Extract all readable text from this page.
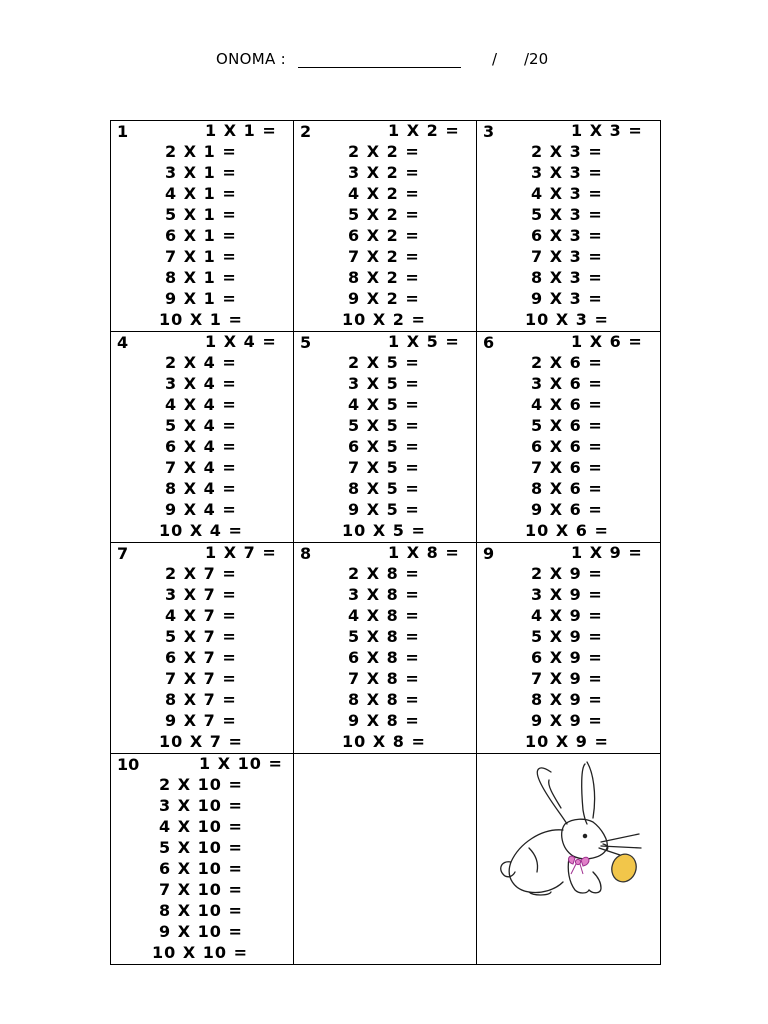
ONOMA :	/ /20
1	1 X 1 =
2 X 1 =
3 X 1 =
4 X 1 =
5 X 1 =
6 X 1 =
7 X 1 =
8 X 1 =
9 X 1 =
10 X 1 =
2	1 X 2 =
2 X 2 =
3 X 2 =
4 X 2 =
5 X 2 =
6 X 2 =
7 X 2 =
8 X 2 =
9 X 2 =
10 X 2 =
3	1 X 3 =
2 X 3 =
3 X 3 =
4 X 3 =
5 X 3 =
6 X 3 =
7 X 3 =
8 X 3 =
9 X 3 =
10 X 3 =
4	1 X 4 =
2 X 4 =
3 X 4 =
4 X 4 =
5 X 4 =
6 X 4 =
7 X 4 =
8 X 4 =
9 X 4 =
10 X 4 =
5	1 X 5 =
2 X 5 =
3 X 5 =
4 X 5 =
5 X 5 =
6 X 5 =
7 X 5 =
8 X 5 =
9 X 5 =
10 X 5 =
6	1 X 6 =
2 X 6 =
3 X 6 =
4 X 6 =
5 X 6 =
6 X 6 =
7 X 6 =
8 X 6 =
9 X 6 =
10 X 6 =
7	1 X 7 =
2 X 7 =
3 X 7 =
4 X 7 =
5 X 7 =
6 X 7 =
7 X 7 =
8 X 7 =
9 X 7 =
10 X 7 =
8	1 X 8 =
2 X 8 =
3 X 8 =
4 X 8 =
5 X 8 =
6 X 8 =
7 X 8 =
8 X 8 =
9 X 8 =
10 X 8 =
9	1 X 9 =
2 X 9 =
3 X 9 =
4 X 9 =
5 X 9 =
6 X 9 =
7 X 9 =
8 X 9 =
9 X 9 =
10 X 9 =
10	1 X 10 =
2 X 10 =
3 X 10 =
4 X 10 =
5 X 10 =
6 X 10 =
7 X 10 =
8 X 10 =
9 X 10 =
10 X 10 =
